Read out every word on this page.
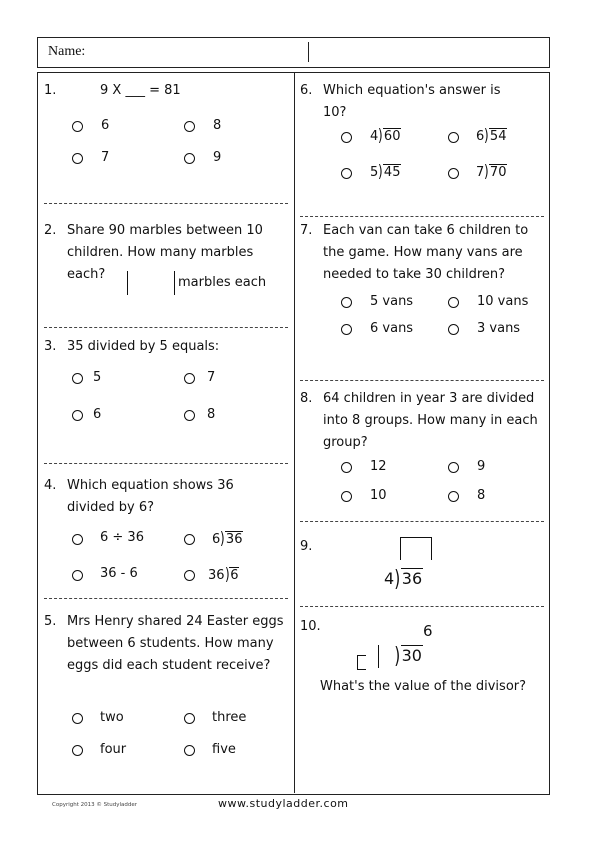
Name:
1.	9 X ___ = 81
6	8
7	9
2. Share 90 marbles between 10
children. How many marbles
each?
marbles each
3. 35 divided by 5 equals:
5	7
6	8
4. Which equation shows 36
divided by 6?
6 ÷ 36	6)36
36 - 6	36)6
5. Mrs Henry shared 24 Easter eggs
between 6 students. How many
eggs did each student receive?
two	three
four	five
6. Which equation's answer is
10?
4)60	6)54
5)45	7)70
7. Each van can take 6 children to
the game. How many vans are
needed to take 30 children?
5 vans	10 vans
6 vans	3 vans
8. 64 children in year 3 are divided
into 8 groups. How many in each
group?
12	9
10	8
9.
4)36
10.	6
)30
What's the value of the divisor?
Copyright 2013 © Studyladder	www.studyladder.com
